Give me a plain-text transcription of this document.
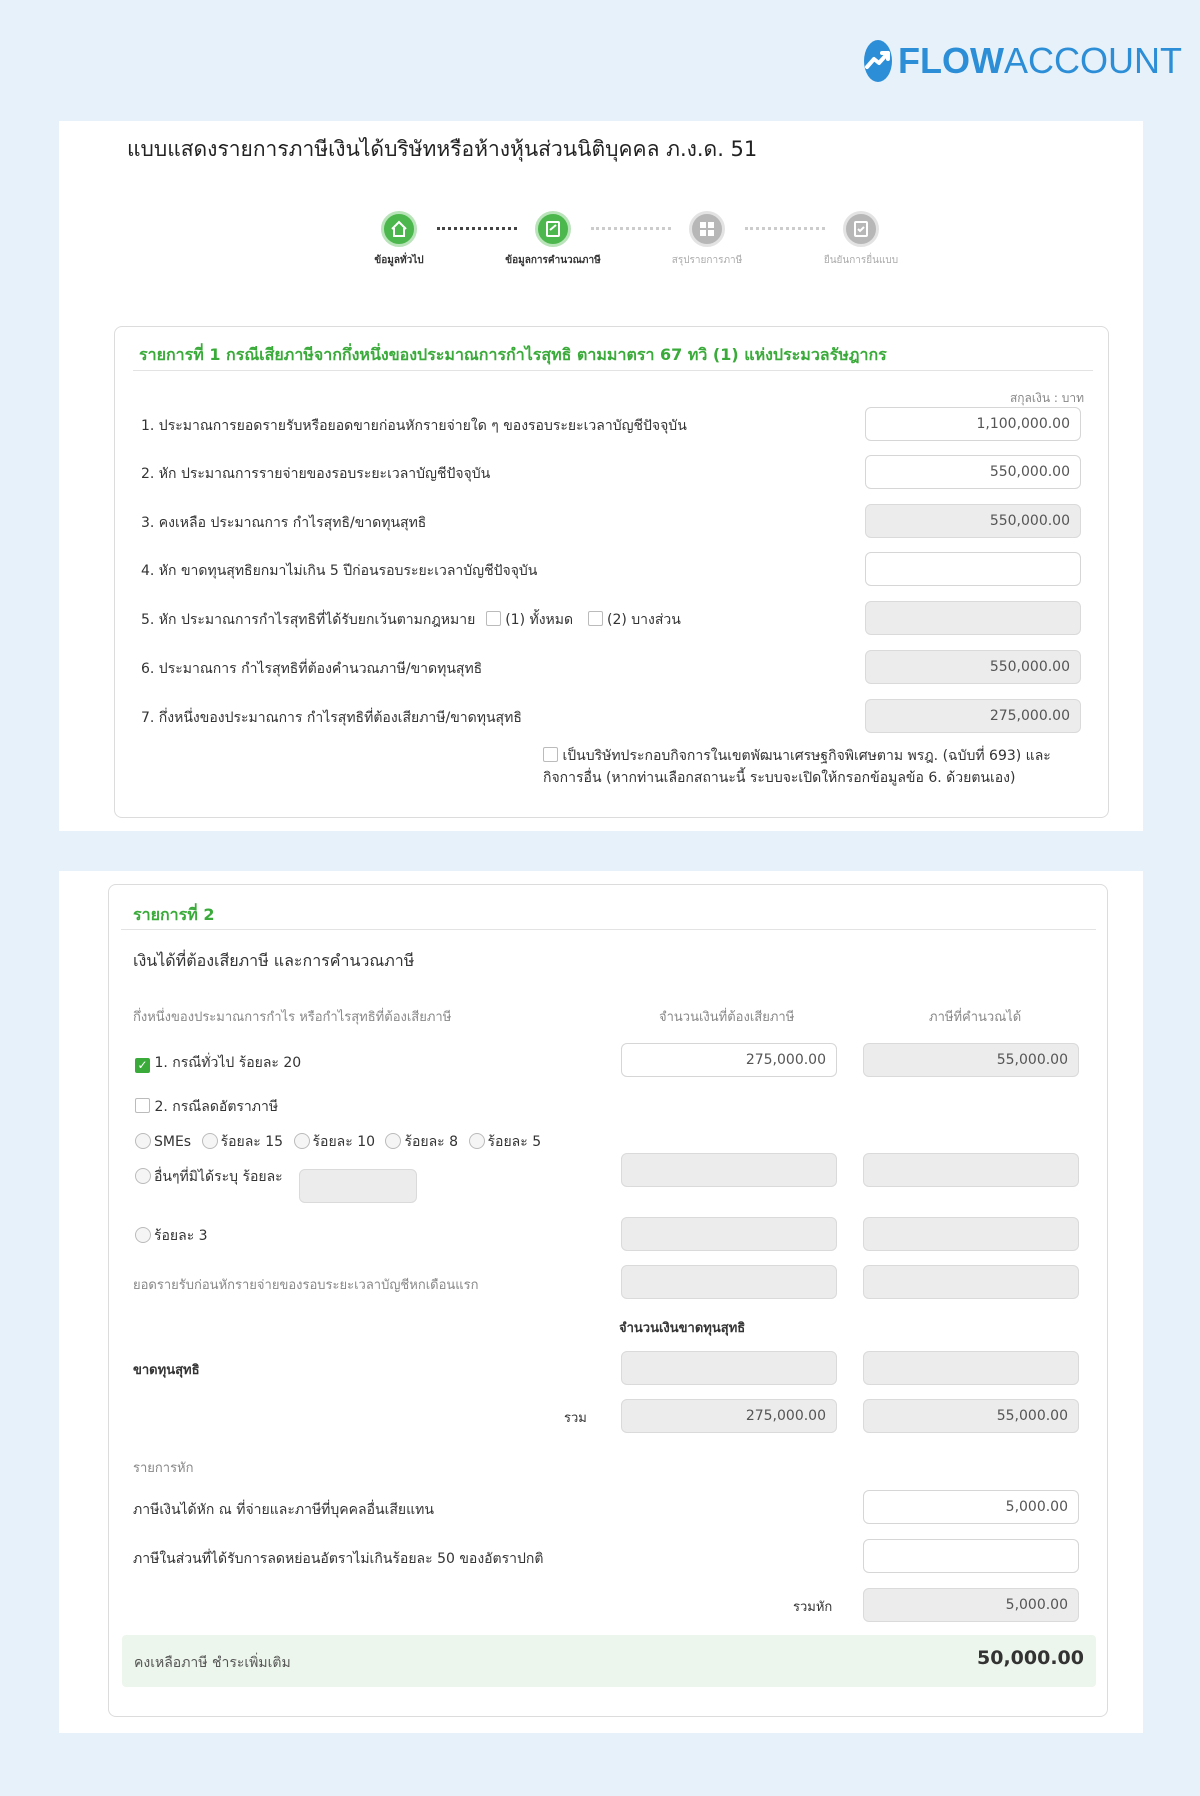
FLOWACCOUNT
แบบแสดงรายการภาษีเงินได้บริษัทหรือห้างหุ้นส่วนนิติบุคคล ภ.ง.ด. 51
ข้อมูลทั่วไป	ข้อมูลการคำนวณภาษี	สรุปรายการภาษี	ยืนยันการยื่นแบบ
รายการที่ 1 กรณีเสียภาษีจากกึ่งหนึ่งของประมาณการกำไรสุทธิ ตามมาตรา 67 ทวิ (1) แห่งประมวลรัษฎากร
สกุลเงิน : บาท
1. ประมาณการยอดรายรับหรือยอดขายก่อนหักรายจ่ายใด ๆ ของรอบระยะเวลาบัญชีปัจจุบัน	1,100,000.00
2. หัก ประมาณการรายจ่ายของรอบระยะเวลาบัญชีปัจจุบัน	550,000.00
3. คงเหลือ ประมาณการ กำไรสุทธิ/ขาดทุนสุทธิ	550,000.00
4. หัก ขาดทุนสุทธิยกมาไม่เกิน 5 ปีก่อนรอบระยะเวลาบัญชีปัจจุบัน
5. หัก ประมาณการกำไรสุทธิที่ได้รับยกเว้นตามกฎหมาย (1) ทั้งหมด (2) บางส่วน
6. ประมาณการ กำไรสุทธิที่ต้องคำนวณภาษี/ขาดทุนสุทธิ	550,000.00
7. กึ่งหนึ่งของประมาณการ กำไรสุทธิที่ต้องเสียภาษี/ขาดทุนสุทธิ	275,000.00
เป็นบริษัทประกอบกิจการในเขตพัฒนาเศรษฐกิจพิเศษตาม พรฎ. (ฉบับที่ 693) และ
กิจการอื่น (หากท่านเลือกสถานะนี้ ระบบจะเปิดให้กรอกข้อมูลข้อ 6. ด้วยตนเอง)
รายการที่ 2
เงินได้ที่ต้องเสียภาษี และการคำนวณภาษี
กึ่งหนึ่งของประมาณการกำไร หรือกำไรสุทธิที่ต้องเสียภาษี	จำนวนเงินที่ต้องเสียภาษี	ภาษีที่คำนวณได้
✓ 1. กรณีทั่วไป ร้อยละ 20	275,000.00	55,000.00
2. กรณีลดอัตราภาษี
SMEs ร้อยละ 15 ร้อยละ 10 ร้อยละ 8 ร้อยละ 5
อื่นๆที่มิได้ระบุ ร้อยละ
ร้อยละ 3
ยอดรายรับก่อนหักรายจ่ายของรอบระยะเวลาบัญชีหกเดือนแรก
จำนวนเงินขาดทุนสุทธิ
ขาดทุนสุทธิ
รวม	275,000.00	55,000.00
รายการหัก
ภาษีเงินได้หัก ณ ที่จ่ายและภาษีที่บุคคลอื่นเสียแทน	5,000.00
ภาษีในส่วนที่ได้รับการลดหย่อนอัตราไม่เกินร้อยละ 50 ของอัตราปกติ
รวมหัก	5,000.00
คงเหลือภาษี ชำระเพิ่มเติม	50,000.00
